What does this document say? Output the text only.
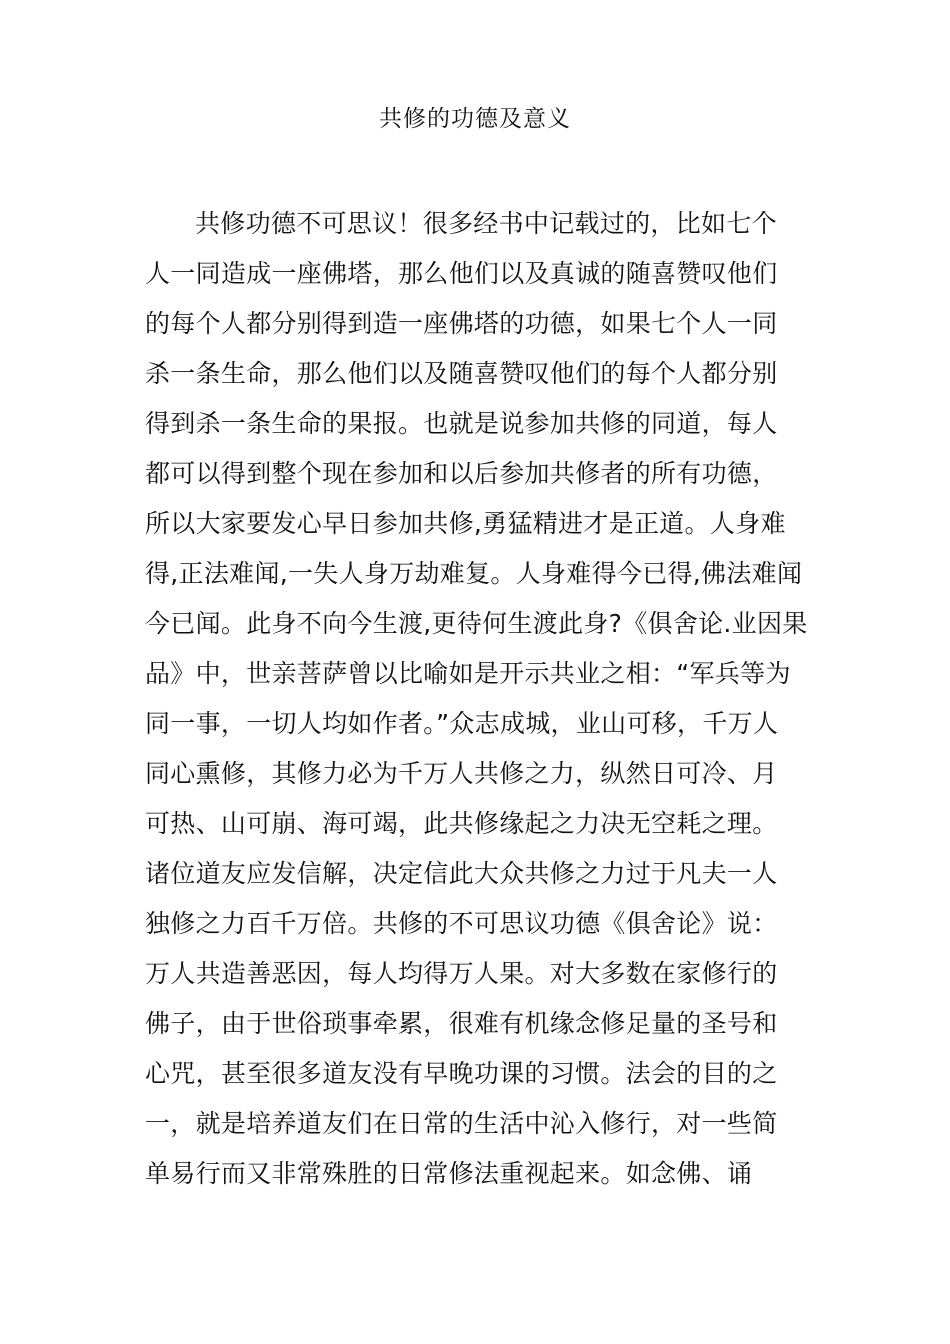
共修的功德及意义
共修功德不可思议！很多经书中记载过的，比如七个
人一同造成一座佛塔，那么他们以及真诚的随喜赞叹他们
的每个人都分别得到造一座佛塔的功德，如果七个人一同
杀一条生命，那么他们以及随喜赞叹他们的每个人都分别
得到杀一条生命的果报。也就是说参加共修的同道，每人
都可以得到整个现在参加和以后参加共修者的所有功德，
所以大家要发心早日参加共修,勇猛精进才是正道。人身难
得,正法难闻,一失人身万劫难复。人身难得今已得,佛法难闻
今已闻。此身不向今生渡,更待何生渡此身?《俱舍论.业因果
品》中，世亲菩萨曾以比喻如是开示共业之相：“军兵等为
同一事，一切人均如作者。”众志成城，业山可移，千万人
同心熏修，其修力必为千万人共修之力，纵然日可冷、月
可热、山可崩、海可竭，此共修缘起之力决无空耗之理。
诸位道友应发信解，决定信此大众共修之力过于凡夫一人
独修之力百千万倍。共修的不可思议功德《俱舍论》说：
万人共造善恶因，每人均得万人果。对大多数在家修行的
佛子，由于世俗琐事牵累，很难有机缘念修足量的圣号和
心咒，甚至很多道友没有早晚功课的习惯。法会的目的之
一，就是培养道友们在日常的生活中沁入修行，对一些简
单易行而又非常殊胜的日常修法重视起来。如念佛、诵
